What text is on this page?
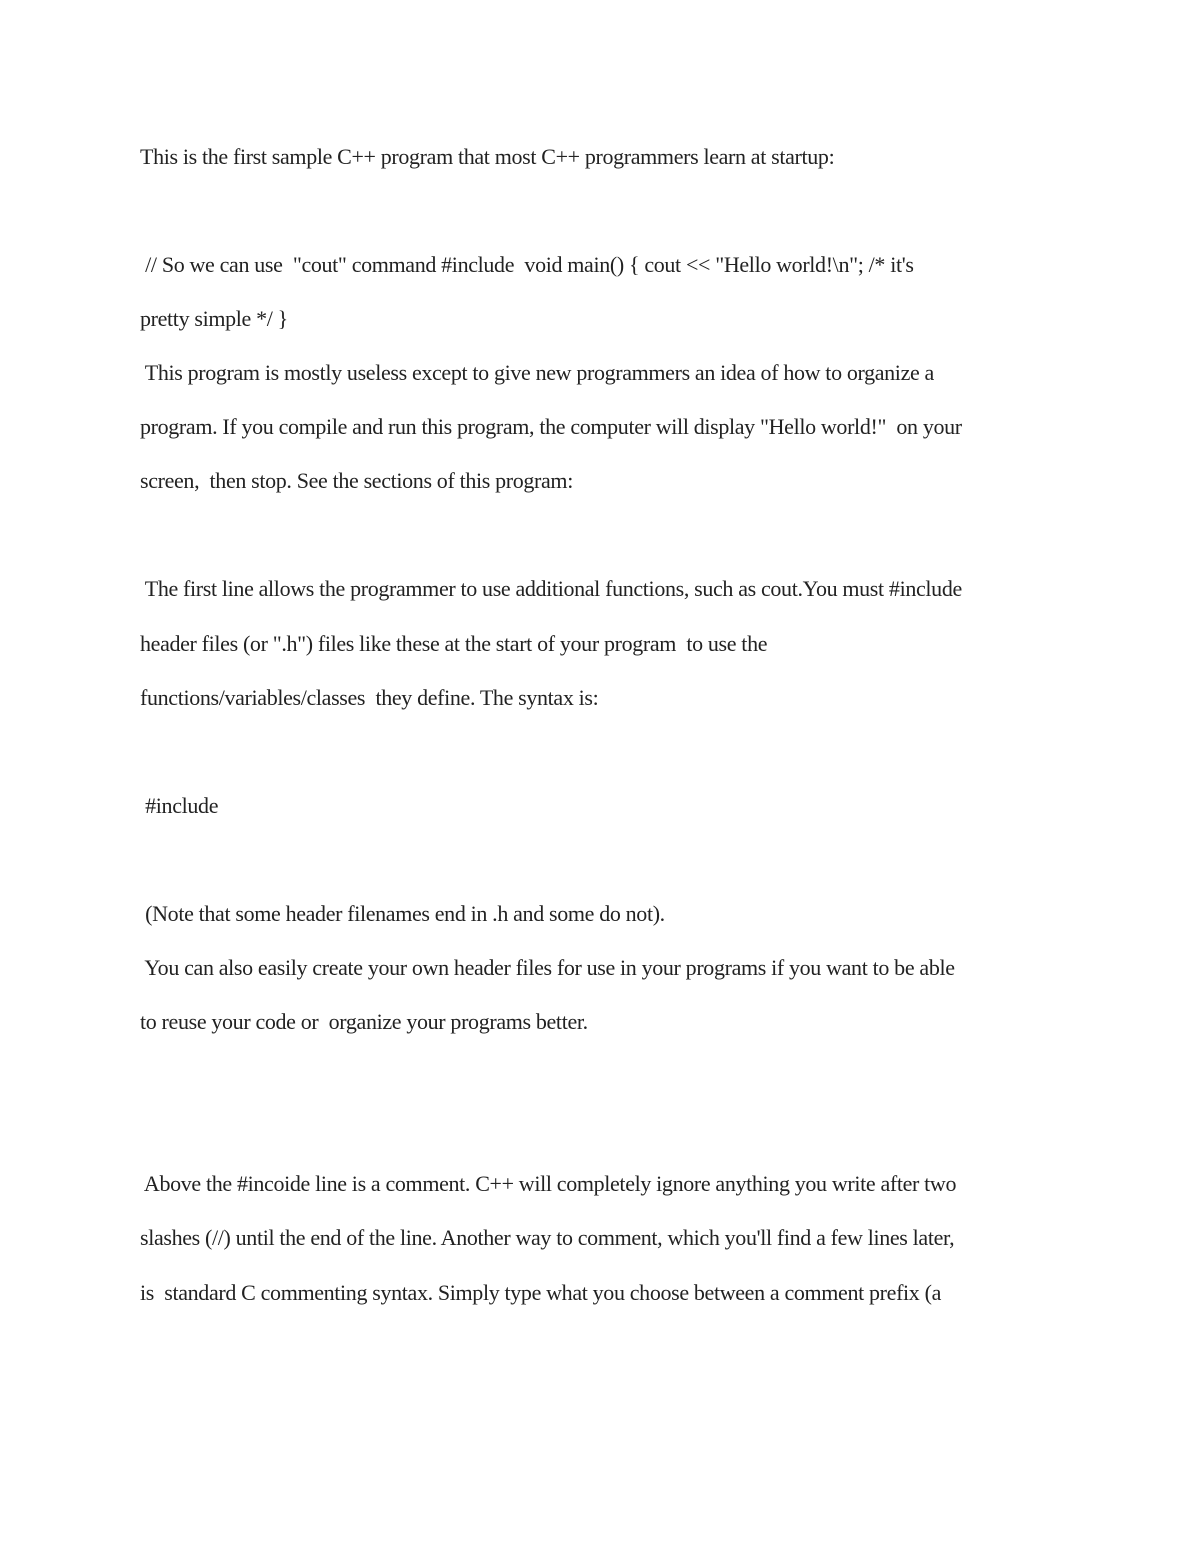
This is the first sample C++ program that most C++ programmers learn at startup:

// So we can use  "cout" command #include  void main() { cout << "Hello world!\n"; /* it's

pretty simple */ }

This program is mostly useless except to give new programmers an idea of how to organize a

program. If you compile and run this program, the computer will display "Hello world!"  on your

screen,  then stop. See the sections of this program:

The first line allows the programmer to use additional functions, such as cout.You must #include

header files (or ".h") files like these at the start of your program  to use the

functions/variables/classes  they define. The syntax is:

#include

(Note that some header filenames end in .h and some do not).

You can also easily create your own header files for use in your programs if you want to be able

to reuse your code or  organize your programs better.

Above the #incoide line is a comment. C++ will completely ignore anything you write after two

slashes (//) until the end of the line. Another way to comment, which you'll find a few lines later,

is  standard C commenting syntax. Simply type what you choose between a comment prefix (a
